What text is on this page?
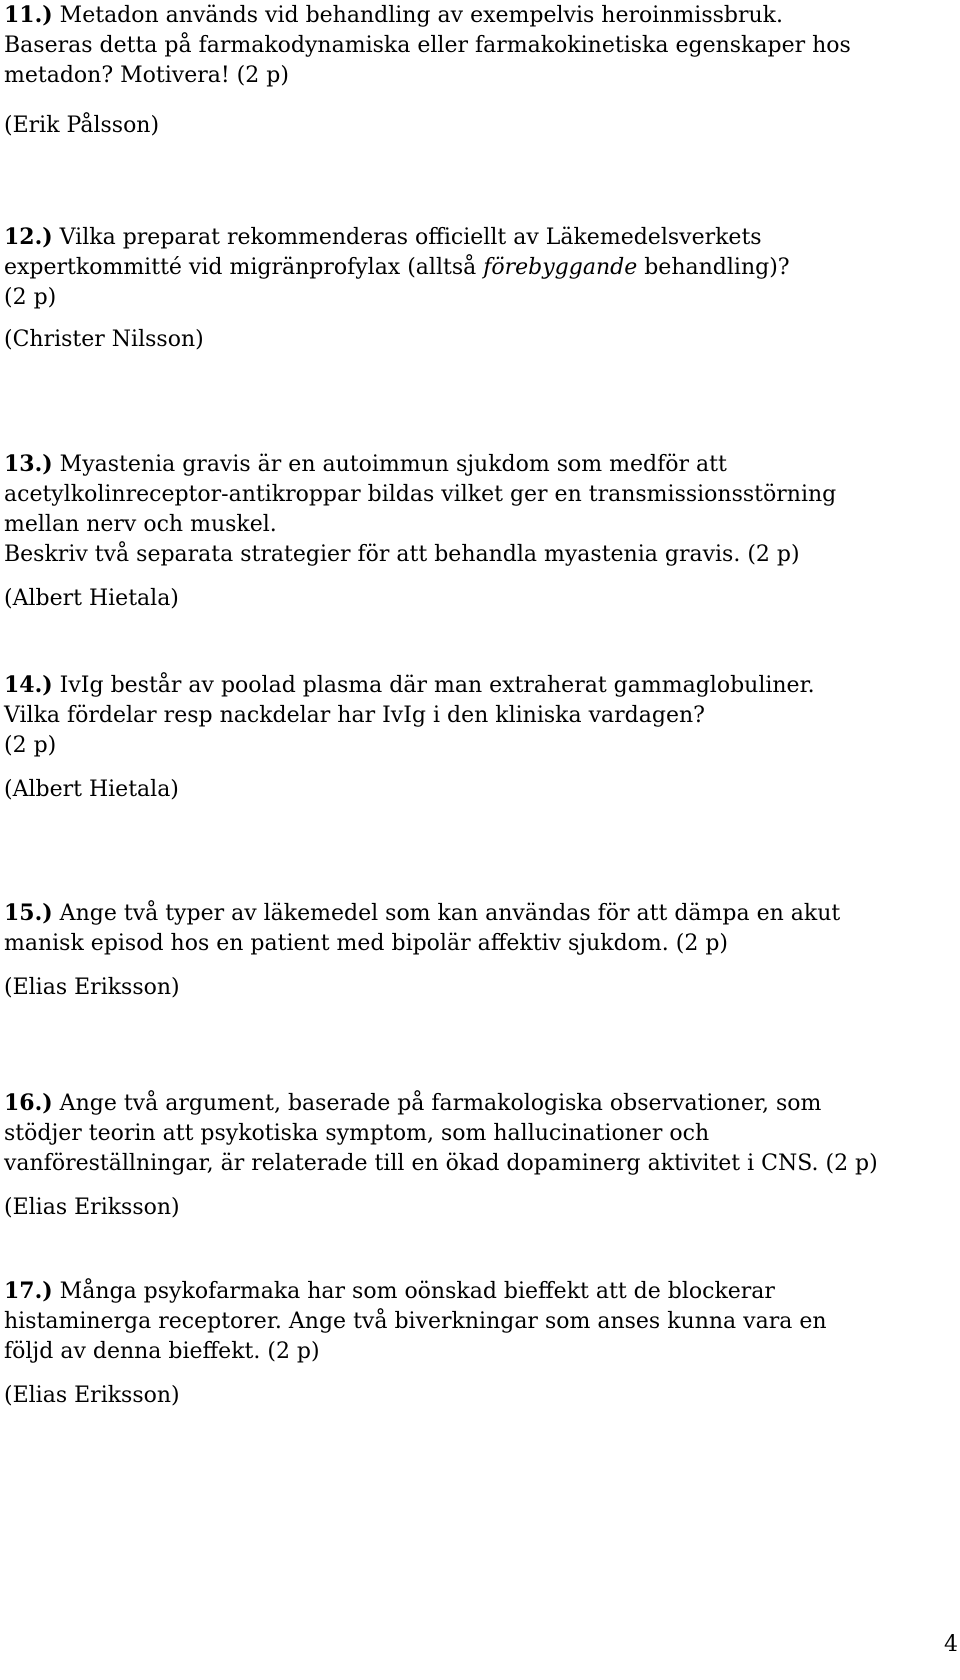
11.) Metadon används vid behandling av exempelvis heroinmissbruk.

Baseras detta på farmakodynamiska eller farmakokinetiska egenskaper hos

metadon? Motivera! (2 p)

(Erik Pålsson)

12.) Vilka preparat rekommenderas officiellt av Läkemedelsverkets

expertkommitté vid migränprofylax (alltså förebyggande behandling)?

(2 p)

(Christer Nilsson)

13.) Myastenia gravis är en autoimmun sjukdom som medför att

acetylkolinreceptor-antikroppar bildas vilket ger en transmissionsstörning

mellan nerv och muskel.

Beskriv två separata strategier för att behandla myastenia gravis. (2 p)

(Albert Hietala)

14.) IvIg består av poolad plasma där man extraherat gammaglobuliner.

Vilka fördelar resp nackdelar har IvIg i den kliniska vardagen?

(2 p)

(Albert Hietala)

15.) Ange två typer av läkemedel som kan användas för att dämpa en akut

manisk episod hos en patient med bipolär affektiv sjukdom. (2 p)

(Elias Eriksson)

16.) Ange två argument, baserade på farmakologiska observationer, som

stödjer teorin att psykotiska symptom, som hallucinationer och

vanföreställningar, är relaterade till en ökad dopaminerg aktivitet i CNS. (2 p)

(Elias Eriksson)

17.) Många psykofarmaka har som oönskad bieffekt att de blockerar

histaminerga receptorer. Ange två biverkningar som anses kunna vara en

följd av denna bieffekt. (2 p)

(Elias Eriksson)

4
